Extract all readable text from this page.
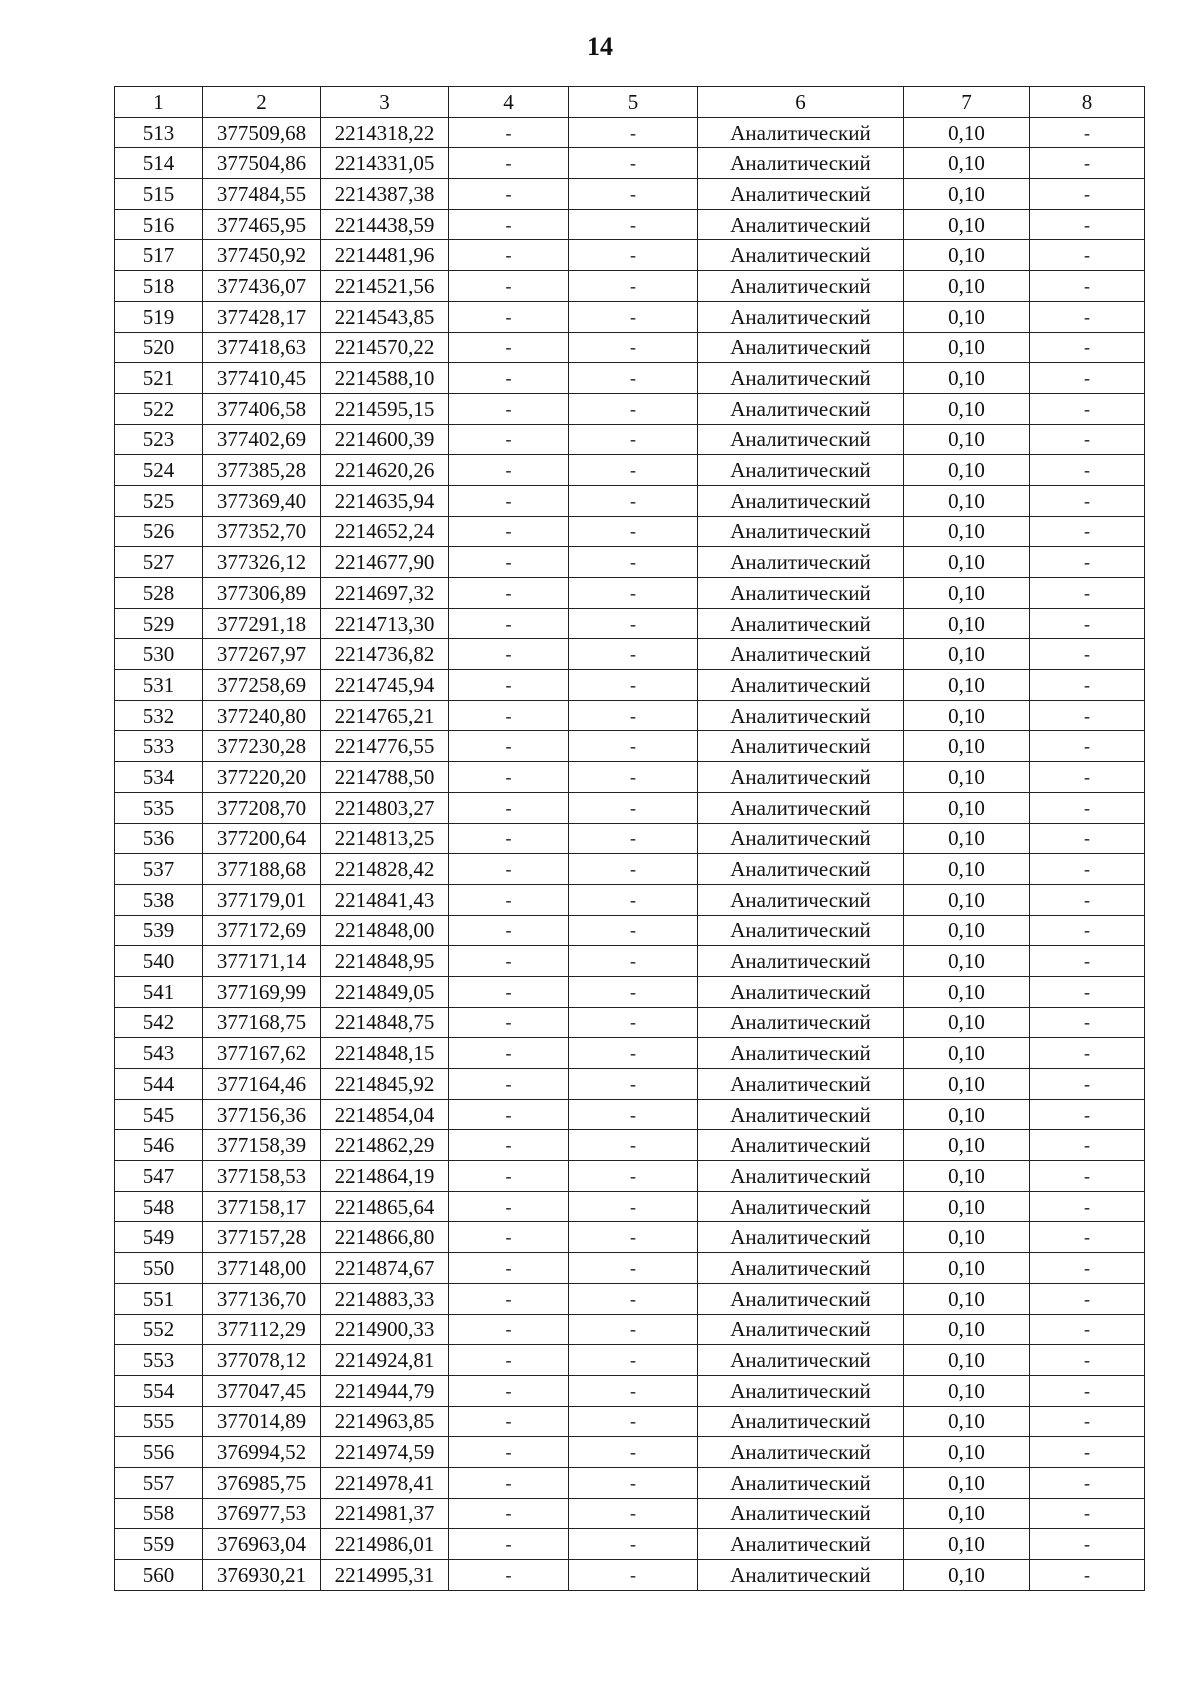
14
1	2	3	4	5	6	7	8
513	377509,68	2214318,22	-	-	Аналитический	0,10	-
514	377504,86	2214331,05	-	-	Аналитический	0,10	-
515	377484,55	2214387,38	-	-	Аналитический	0,10	-
516	377465,95	2214438,59	-	-	Аналитический	0,10	-
517	377450,92	2214481,96	-	-	Аналитический	0,10	-
518	377436,07	2214521,56	-	-	Аналитический	0,10	-
519	377428,17	2214543,85	-	-	Аналитический	0,10	-
520	377418,63	2214570,22	-	-	Аналитический	0,10	-
521	377410,45	2214588,10	-	-	Аналитический	0,10	-
522	377406,58	2214595,15	-	-	Аналитический	0,10	-
523	377402,69	2214600,39	-	-	Аналитический	0,10	-
524	377385,28	2214620,26	-	-	Аналитический	0,10	-
525	377369,40	2214635,94	-	-	Аналитический	0,10	-
526	377352,70	2214652,24	-	-	Аналитический	0,10	-
527	377326,12	2214677,90	-	-	Аналитический	0,10	-
528	377306,89	2214697,32	-	-	Аналитический	0,10	-
529	377291,18	2214713,30	-	-	Аналитический	0,10	-
530	377267,97	2214736,82	-	-	Аналитический	0,10	-
531	377258,69	2214745,94	-	-	Аналитический	0,10	-
532	377240,80	2214765,21	-	-	Аналитический	0,10	-
533	377230,28	2214776,55	-	-	Аналитический	0,10	-
534	377220,20	2214788,50	-	-	Аналитический	0,10	-
535	377208,70	2214803,27	-	-	Аналитический	0,10	-
536	377200,64	2214813,25	-	-	Аналитический	0,10	-
537	377188,68	2214828,42	-	-	Аналитический	0,10	-
538	377179,01	2214841,43	-	-	Аналитический	0,10	-
539	377172,69	2214848,00	-	-	Аналитический	0,10	-
540	377171,14	2214848,95	-	-	Аналитический	0,10	-
541	377169,99	2214849,05	-	-	Аналитический	0,10	-
542	377168,75	2214848,75	-	-	Аналитический	0,10	-
543	377167,62	2214848,15	-	-	Аналитический	0,10	-
544	377164,46	2214845,92	-	-	Аналитический	0,10	-
545	377156,36	2214854,04	-	-	Аналитический	0,10	-
546	377158,39	2214862,29	-	-	Аналитический	0,10	-
547	377158,53	2214864,19	-	-	Аналитический	0,10	-
548	377158,17	2214865,64	-	-	Аналитический	0,10	-
549	377157,28	2214866,80	-	-	Аналитический	0,10	-
550	377148,00	2214874,67	-	-	Аналитический	0,10	-
551	377136,70	2214883,33	-	-	Аналитический	0,10	-
552	377112,29	2214900,33	-	-	Аналитический	0,10	-
553	377078,12	2214924,81	-	-	Аналитический	0,10	-
554	377047,45	2214944,79	-	-	Аналитический	0,10	-
555	377014,89	2214963,85	-	-	Аналитический	0,10	-
556	376994,52	2214974,59	-	-	Аналитический	0,10	-
557	376985,75	2214978,41	-	-	Аналитический	0,10	-
558	376977,53	2214981,37	-	-	Аналитический	0,10	-
559	376963,04	2214986,01	-	-	Аналитический	0,10	-
560	376930,21	2214995,31	-	-	Аналитический	0,10	-
